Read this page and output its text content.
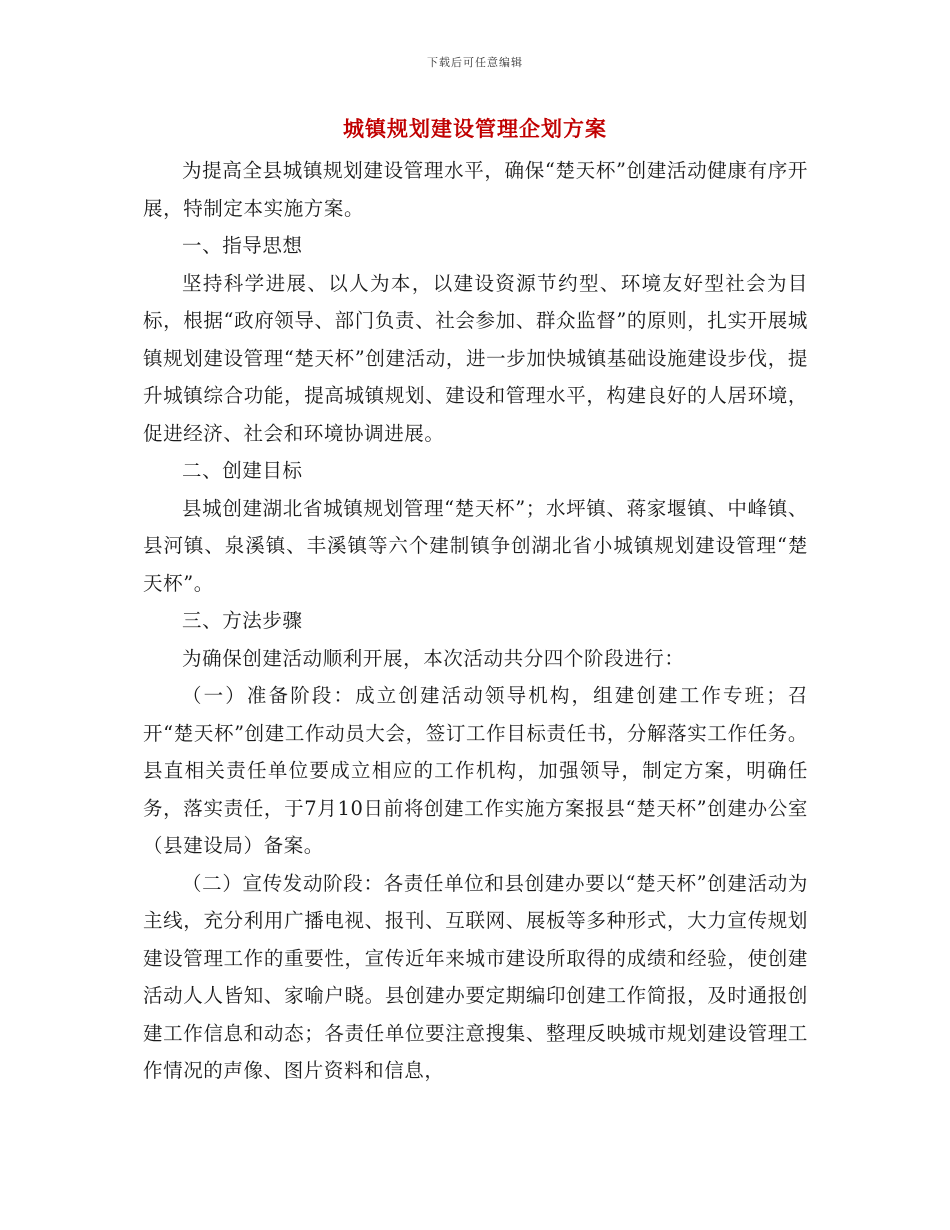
下载后可任意编辑
城镇规划建设管理企划方案

为提高全县城镇规划建设管理水平，确保“楚天杯”创建活动健康有序开展，特制定本实施方案。

一、指导思想

坚持科学进展、以人为本，以建设资源节约型、环境友好型社会为目标，根据“政府领导、部门负责、社会参加、群众监督”的原则，扎实开展城镇规划建设管理“楚天杯”创建活动，进一步加快城镇基础设施建设步伐，提升城镇综合功能，提高城镇规划、建设和管理水平，构建良好的人居环境，促进经济、社会和环境协调进展。

二、创建目标

县城创建湖北省城镇规划管理“楚天杯”；水坪镇、蒋家堰镇、中峰镇、县河镇、泉溪镇、丰溪镇等六个建制镇争创湖北省小城镇规划建设管理“楚天杯”。

三、方法步骤

为确保创建活动顺利开展，本次活动共分四个阶段进行：

（一）准备阶段：成立创建活动领导机构，组建创建工作专班；召开“楚天杯”创建工作动员大会，签订工作目标责任书，分解落实工作任务。县直相关责任单位要成立相应的工作机构，加强领导，制定方案，明确任务，落实责任，于7月10日前将创建工作实施方案报县“楚天杯”创建办公室（县建设局）备案。

（二）宣传发动阶段：各责任单位和县创建办要以“楚天杯”创建活动为主线，充分利用广播电视、报刊、互联网、展板等多种形式，大力宣传规划建设管理工作的重要性，宣传近年来城市建设所取得的成绩和经验，使创建活动人人皆知、家喻户晓。县创建办要定期编印创建工作简报，及时通报创建工作信息和动态；各责任单位要注意搜集、整理反映城市规划建设管理工作情况的声像、图片资料和信息，
